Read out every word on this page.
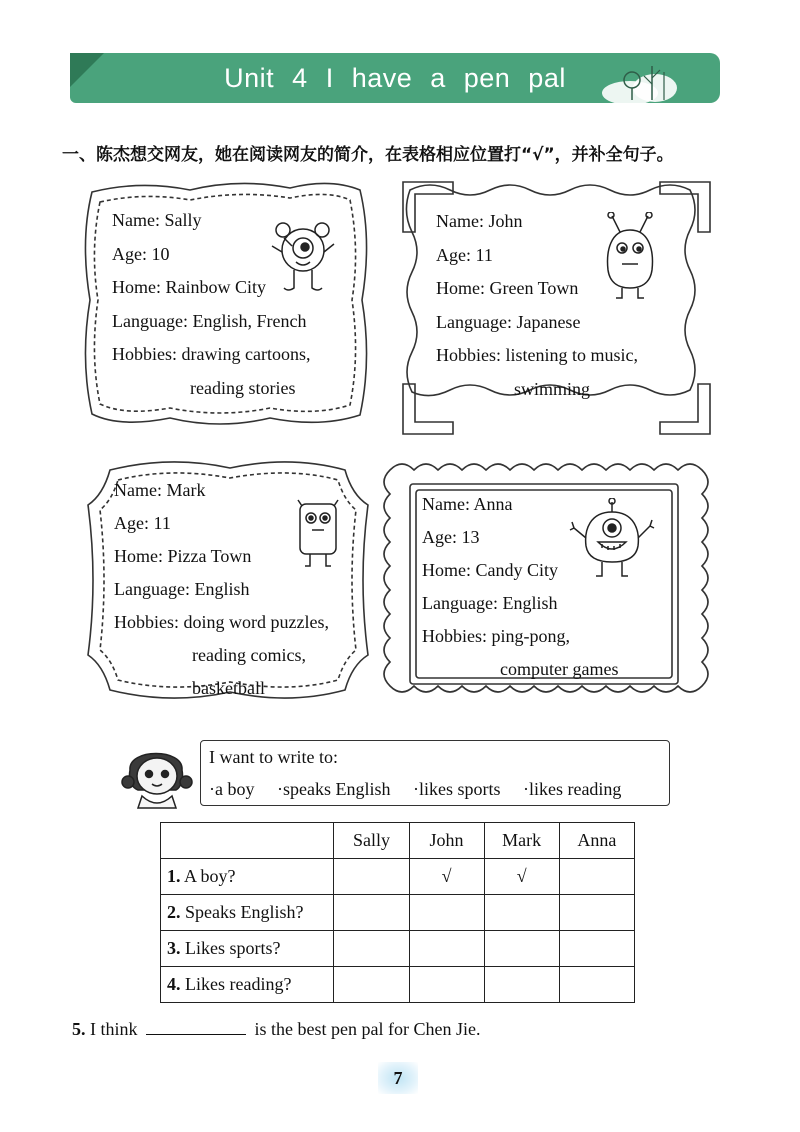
Unit 4 I have a pen pal
一、陈杰想交网友，她在阅读网友的简介，在表格相应位置打“√”，并补全句子。
Name: Sally
Age: 10
Home: Rainbow City
Language: English, French
Hobbies: drawing cartoons,
reading stories
Name: John
Age: 11
Home: Green Town
Language: Japanese
Hobbies: listening to music,
swimming
Name: Mark
Age: 11
Home: Pizza Town
Language: English
Hobbies: doing word puzzles,
reading comics,
basketball
Name: Anna
Age: 13
Home: Candy City
Language: English
Hobbies: ping-pong,
computer games
I want to write to:
·a boy ·speaks English ·likes sports ·likes reading
	Sally	John	Mark	Anna
1. A boy?		√	√	
2. Speaks English?				
3. Likes sports?				
4. Likes reading?				
5. I think	is the best pen pal for Chen Jie.
7
